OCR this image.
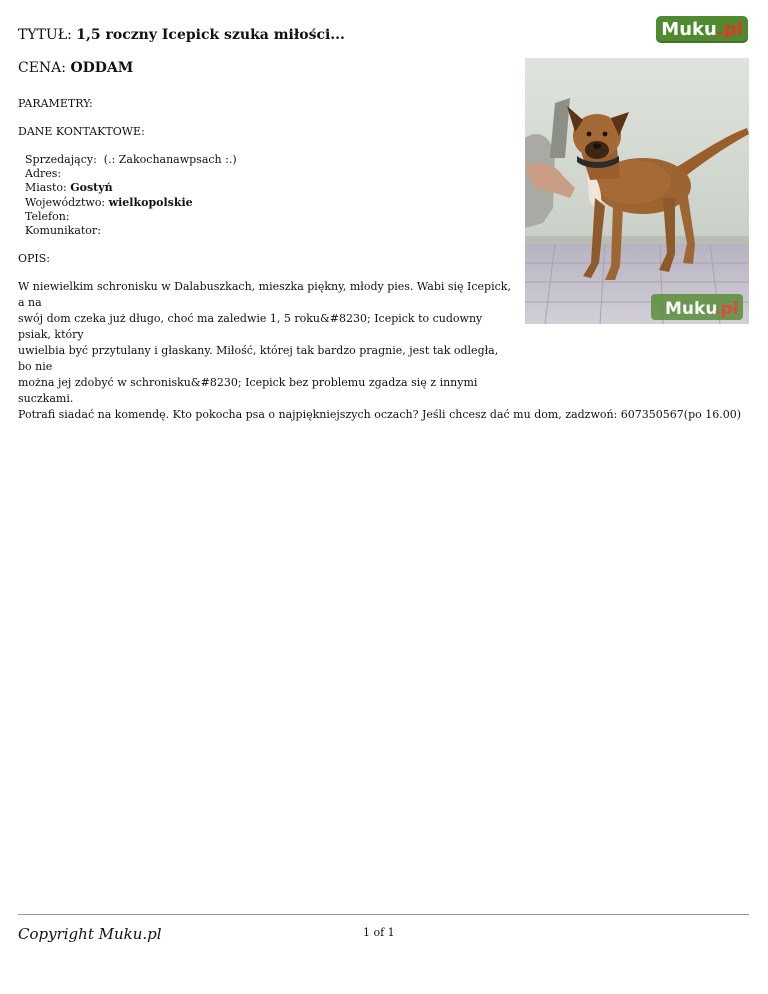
TYTUŁ: 1,5 roczny Icepick szuka miłości...	Muku.pl
CENA: ODDAM
PARAMETRY:
DANE KONTAKTOWE:
Sprzedający: (.: Zakochanawpsach :.)
Adres:
Miasto: Gostyń
Województwo: wielkopolskie
Telefon:
Komunikator:
OPIS:
Muku
.pl
W niewielkim schronisku w Dalabuszkach, mieszka piękny, młody pies. Wabi się Icepick, a na
swój dom czeka już długo, choć ma zaledwie 1, 5 roku&#8230; Icepick to cudowny psiak, który
uwielbia być przytulany i głaskany. Miłość, której tak bardzo pragnie, jest tak odległa, bo nie
można jej zdobyć w schronisku&#8230; Icepick bez problemu zgadza się z innymi suczkami.
Potrafi siadać na komendę. Kto pokocha psa o najpiękniejszych oczach? Jeśli chcesz dać mu dom, zadzwoń: 607350567(po 16.00)
Copyright Muku.pl	1 of 1
